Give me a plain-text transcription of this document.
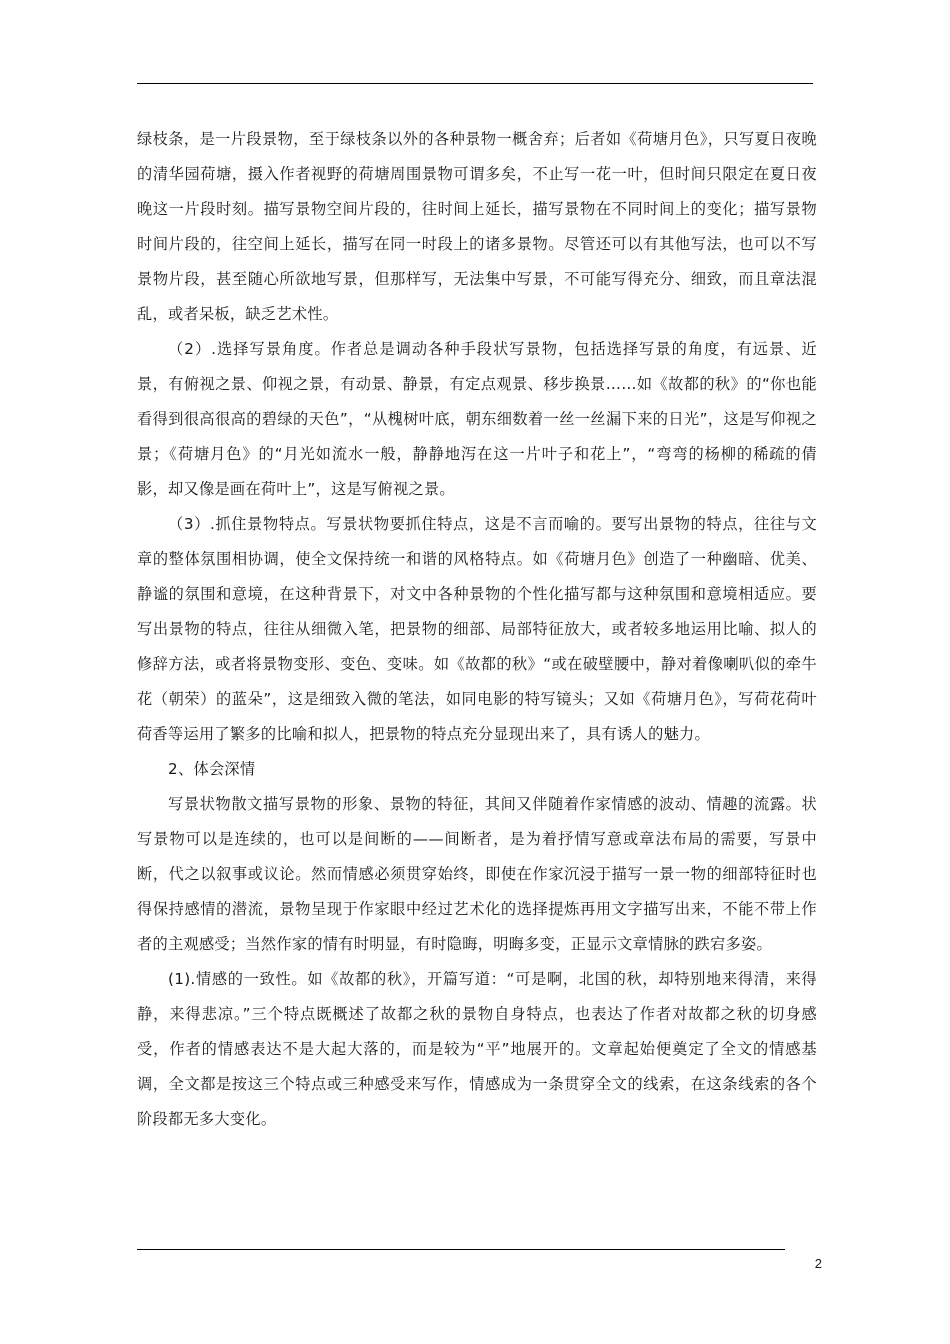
绿枝条，是一片段景物，至于绿枝条以外的各种景物一概舍弃；后者如《荷塘月色》，只写夏日夜晚的清华园荷塘，摄入作者视野的荷塘周围景物可谓多矣，不止写一花一叶，但时间只限定在夏日夜晚这一片段时刻。描写景物空间片段的，往时间上延长，描写景物在不同时间上的变化；描写景物时间片段的，往空间上延长，描写在同一时段上的诸多景物。尽管还可以有其他写法，也可以不写景物片段，甚至随心所欲地写景，但那样写，无法集中写景，不可能写得充分、细致，而且章法混乱，或者呆板，缺乏艺术性。

（2）.选择写景角度。作者总是调动各种手段状写景物，包括选择写景的角度，有远景、近景，有俯视之景、仰视之景，有动景、静景，有定点观景、移步换景……如《故都的秋》的“你也能看得到很高很高的碧绿的天色”，“从槐树叶底，朝东细数着一丝一丝漏下来的日光”，这是写仰视之景；《荷塘月色》的“月光如流水一般，静静地泻在这一片叶子和花上”，“弯弯的杨柳的稀疏的倩影，却又像是画在荷叶上”，这是写俯视之景。

（3）.抓住景物特点。写景状物要抓住特点，这是不言而喻的。要写出景物的特点，往往与文章的整体氛围相协调，使全文保持统一和谐的风格特点。如《荷塘月色》创造了一种幽暗、优美、静谧的氛围和意境，在这种背景下，对文中各种景物的个性化描写都与这种氛围和意境相适应。要写出景物的特点，往往从细微入笔，把景物的细部、局部特征放大，或者较多地运用比喻、拟人的修辞方法，或者将景物变形、变色、变味。如《故都的秋》“或在破壁腰中，静对着像喇叭似的牵牛花（朝荣）的蓝朵”，这是细致入微的笔法，如同电影的特写镜头；又如《荷塘月色》，写荷花荷叶荷香等运用了繁多的比喻和拟人，把景物的特点充分显现出来了，具有诱人的魅力。

2、体会深情

写景状物散文描写景物的形象、景物的特征，其间又伴随着作家情感的波动、情趣的流露。状写景物可以是连续的，也可以是间断的——间断者，是为着抒情写意或章法布局的需要，写景中断，代之以叙事或议论。然而情感必须贯穿始终，即使在作家沉浸于描写一景一物的细部特征时也得保持感情的潜流，景物呈现于作家眼中经过艺术化的选择提炼再用文字描写出来，不能不带上作者的主观感受；当然作家的情有时明显，有时隐晦，明晦多变，正显示文章情脉的跌宕多姿。

(1).情感的一致性。如《故都的秋》，开篇写道：“可是啊，北国的秋，却特别地来得清，来得静，来得悲凉。”三个特点既概述了故都之秋的景物自身特点，也表达了作者对故都之秋的切身感受，作者的情感表达不是大起大落的，而是较为“平”地展开的。文章起始便奠定了全文的情感基调，全文都是按这三个特点或三种感受来写作，情感成为一条贯穿全文的线索，在这条线索的各个阶段都无多大变化。

2
